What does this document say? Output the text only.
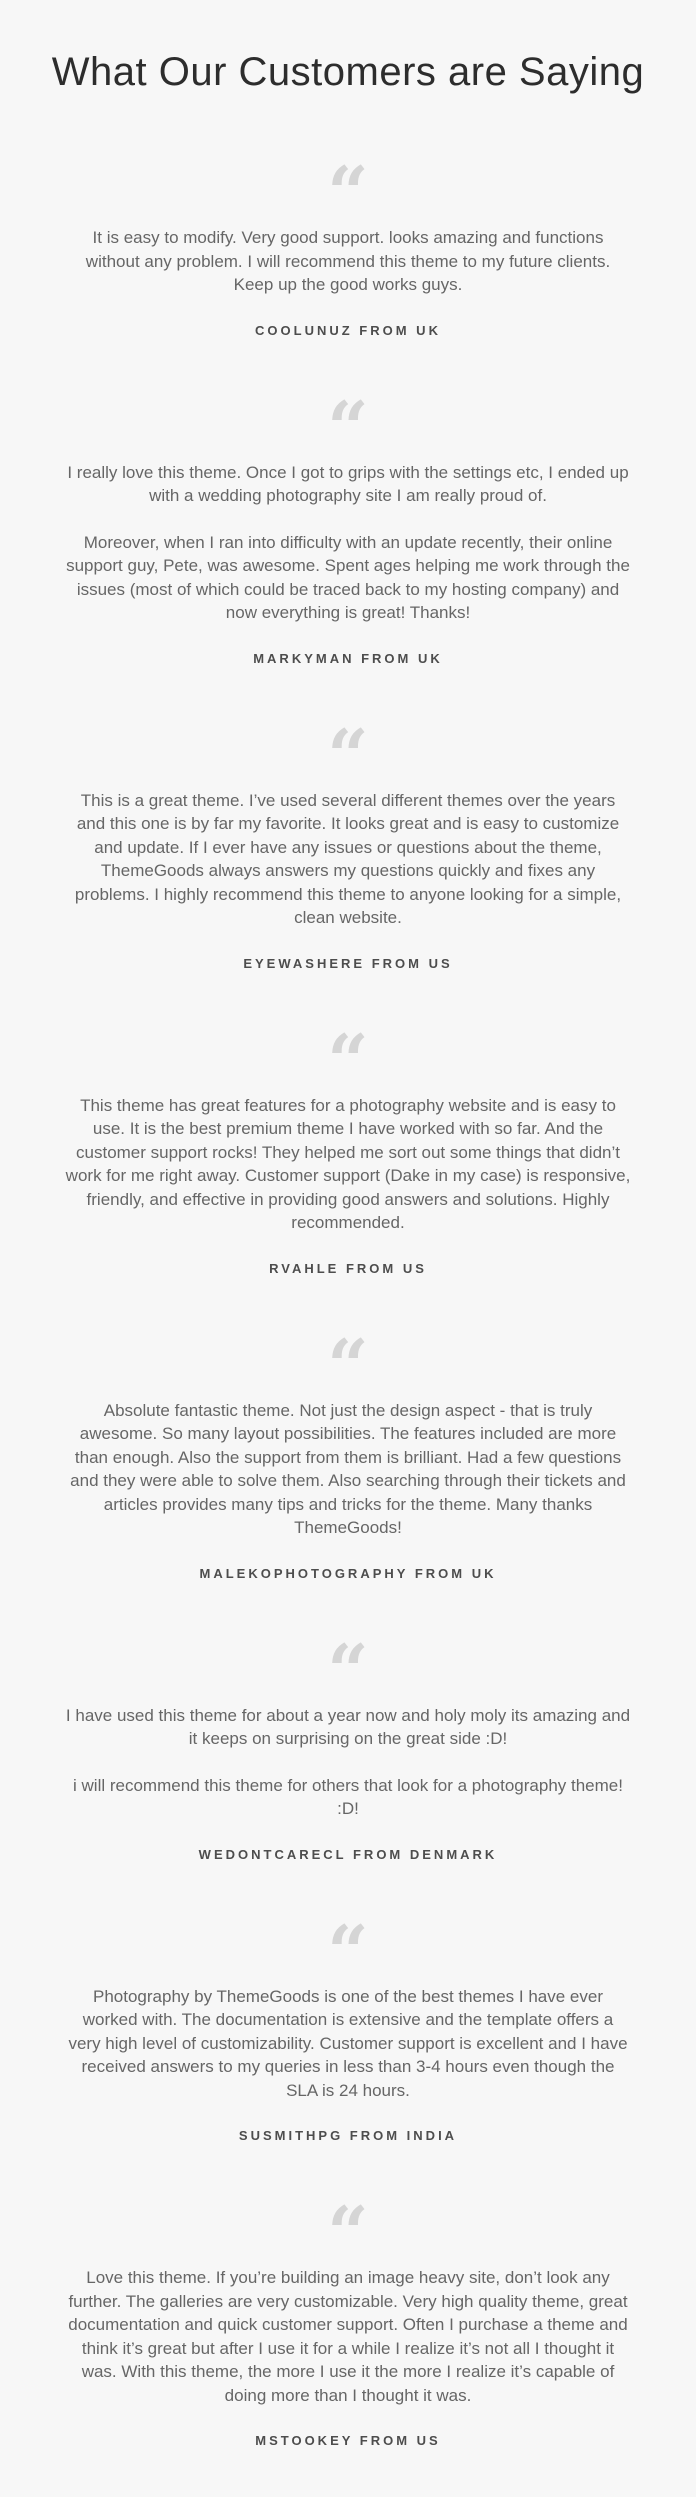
What Our Customers are Saying
“

It is easy to modify. Very good support. looks amazing and functions without any problem. I will recommend this theme to my future clients. Keep up the good works guys.

COOLUNUZ FROM UK
“

I really love this theme. Once I got to grips with the settings etc, I ended up with a wedding photography site I am really proud of.

Moreover, when I ran into difficulty with an update recently, their online support guy, Pete, was awesome. Spent ages helping me work through the issues (most of which could be traced back to my hosting company) and now everything is great! Thanks!

MARKYMAN FROM UK
“

This is a great theme. I’ve used several different themes over the years and this one is by far my favorite. It looks great and is easy to customize and update. If I ever have any issues or questions about the theme, ThemeGoods always answers my questions quickly and fixes any problems. I highly recommend this theme to anyone looking for a simple, clean website.

EYEWASHERE FROM US
“

This theme has great features for a photography website and is easy to use. It is the best premium theme I have worked with so far. And the customer support rocks! They helped me sort out some things that didn’t work for me right away. Customer support (Dake in my case) is responsive, friendly, and effective in providing good answers and solutions. Highly recommended.

RVAHLE FROM US
“

Absolute fantastic theme. Not just the design aspect - that is truly awesome. So many layout possibilities. The features included are more than enough. Also the support from them is brilliant. Had a few questions and they were able to solve them. Also searching through their tickets and articles provides many tips and tricks for the theme. Many thanks ThemeGoods!

MALEKOPHOTOGRAPHY FROM UK
“

I have used this theme for about a year now and holy moly its amazing and it keeps on surprising on the great side :D!

i will recommend this theme for others that look for a photography theme! :D!

WEDONTCARECL FROM DENMARK
“

Photography by ThemeGoods is one of the best themes I have ever worked with. The documentation is extensive and the template offers a very high level of customizability. Customer support is excellent and I have received answers to my queries in less than 3-4 hours even though the SLA is 24 hours.

SUSMITHPG FROM INDIA
“

Love this theme. If you’re building an image heavy site, don’t look any further. The galleries are very customizable. Very high quality theme, great documentation and quick customer support. Often I purchase a theme and think it’s great but after I use it for a while I realize it’s not all I thought it was. With this theme, the more I use it the more I realize it’s capable of doing more than I thought it was.

MSTOOKEY FROM US
